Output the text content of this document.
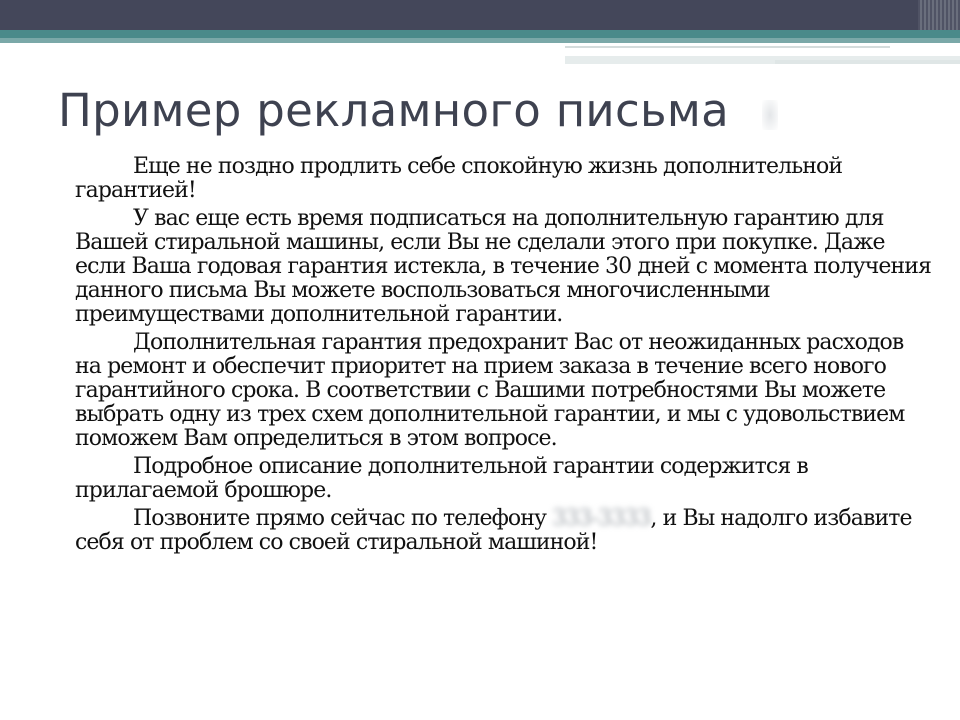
Пример рекламного письма

Еще не поздно продлить себе спокойную жизнь дополнительной гарантией!

У вас еще есть время подписаться на дополнительную гарантию для Вашей стиральной машины, если Вы не сделали этого при покупке. Даже если Ваша годовая гарантия истекла, в течение 30 дней с момента получения данного письма Вы можете воспользоваться многочисленными преимуществами дополнительной гарантии.

Дополнительная гарантия предохранит Вас от неожиданных расходов на ремонт и обеспечит приоритет на прием заказа в течение всего нового гарантийного срока. В соответствии с Вашими потребностями Вы можете выбрать одну из трех схем дополнительной гарантии, и мы с удовольствием поможем Вам определиться в этом вопросе.

Подробное описание дополнительной гарантии содержится в прилагаемой брошюре.

Позвоните прямо сейчас по телефону 333-3333, и Вы надолго избавите себя от проблем со своей стиральной машиной!
